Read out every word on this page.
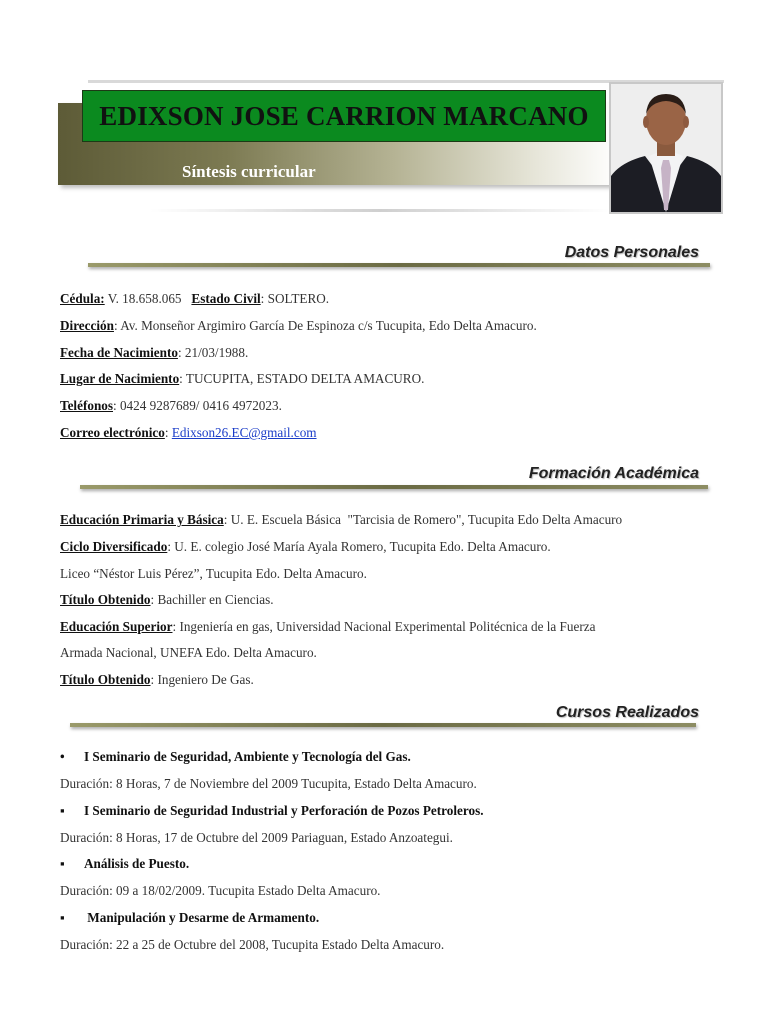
EDIXSON JOSE CARRION MARCANO
Síntesis curricular
Datos Personales
Cédula: V. 18.658.065   Estado Civil: SOLTERO.
Dirección: Av. Monseñor Argimiro García De Espinoza c/s Tucupita, Edo Delta Amacuro.
Fecha de Nacimiento: 21/03/1988.
Lugar de Nacimiento: TUCUPITA, ESTADO DELTA AMACURO.
Teléfonos: 0424 9287689/ 0416 4972023.
Correo electrónico: Edixson26.EC@gmail.com
Formación Académica
Educación Primaria y Básica: U. E. Escuela Básica  "Tarcisia de Romero", Tucupita Edo Delta Amacuro
Ciclo Diversificado: U. E. colegio José María Ayala Romero, Tucupita Edo. Delta Amacuro.
Liceo “Néstor Luis Pérez”, Tucupita Edo. Delta Amacuro.
Título Obtenido: Bachiller en Ciencias.
Educación Superior: Ingeniería en gas, Universidad Nacional Experimental Politécnica de la Fuerza
Armada Nacional, UNEFA Edo. Delta Amacuro.
Título Obtenido: Ingeniero De Gas.
Cursos Realizados
• I Seminario de Seguridad, Ambiente y Tecnología del Gas.
Duración: 8 Horas, 7 de Noviembre del 2009 Tucupita, Estado Delta Amacuro.
▪ I Seminario de Seguridad Industrial y Perforación de Pozos Petroleros.
Duración: 8 Horas, 17 de Octubre del 2009 Pariaguan, Estado Anzoategui.
▪ Análisis de Puesto.
Duración: 09 a 18/02/2009. Tucupita Estado Delta Amacuro.
▪ Manipulación y Desarme de Armamento.
Duración: 22 a 25 de Octubre del 2008, Tucupita Estado Delta Amacuro.
